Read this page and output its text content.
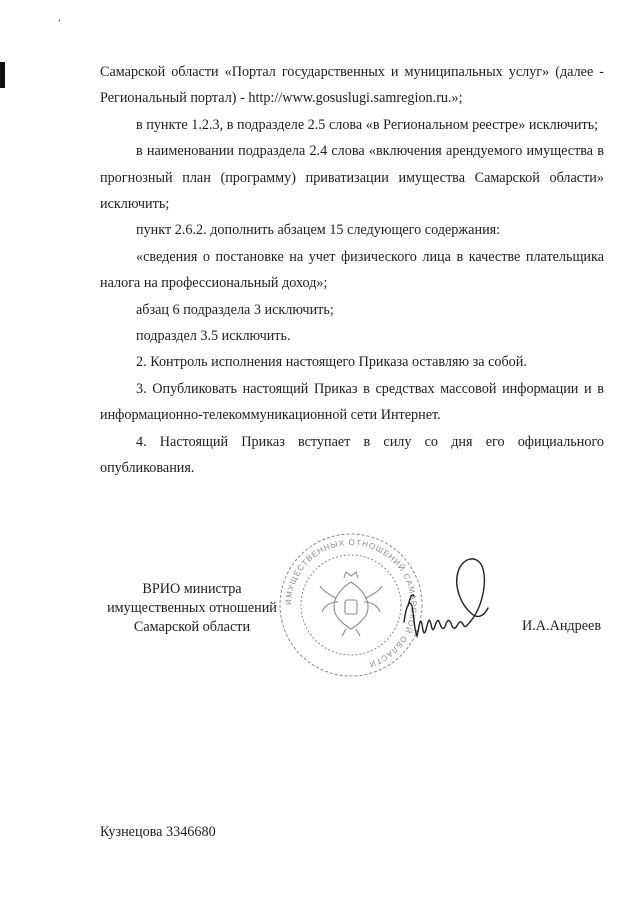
’

Самарской области «Портал государственных и муниципальных услуг» (далее - Региональный портал) - http://www.gosuslugi.samregion.ru.»;

в пункте 1.2.3, в подразделе 2.5 слова «в Региональном реестре» исключить;

в наименовании подраздела 2.4 слова «включения арендуемого имущества в прогнозный план (программу) приватизации имущества Самарской области» исключить;

пункт 2.6.2. дополнить абзацем 15 следующего содержания:

«сведения о постановке на учет физического лица в качестве плательщика налога на профессиональный доход»;

абзац 6 подраздела 3 исключить;

подраздел 3.5 исключить.

2. Контроль исполнения настоящего Приказа оставляю за собой.

3. Опубликовать настоящий Приказ в средствах массовой информации и в информационно-телекоммуникационной сети Интернет.

4. Настоящий Приказ вступает в силу со дня его официального опубликования.

ИМУЩЕСТВЕННЫХ ОТНОШЕНИЙ САМАРСКОЙ ОБЛАСТИ
ВРИО министра
имущественных отношений
Самарской области	И.А.Андреев
Кузнецова 3346680
